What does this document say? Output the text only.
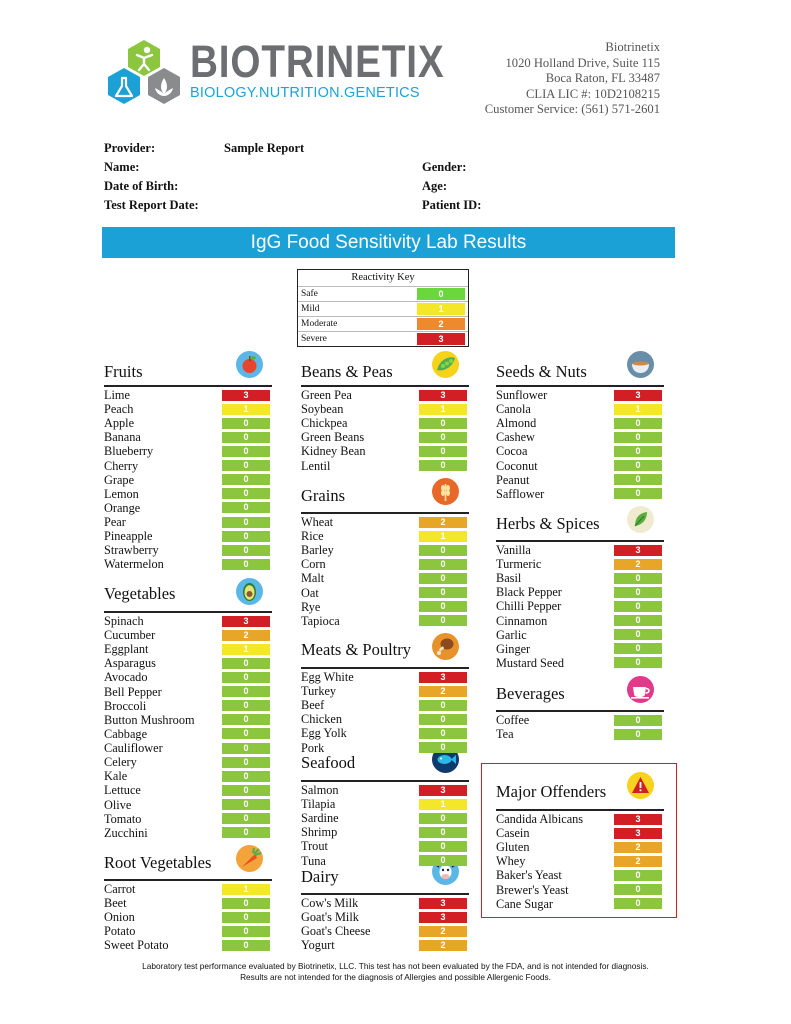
BIOTRINETIX
BIOLOGY.NUTRITION.GENETICS
Biotrinetix
1020 Holland Drive, Suite 115
Boca Raton, FL 33487
CLIA LIC #: 10D2108215
Customer Service: (561) 571-2601
Provider:	Sample Report
Name:
Date of Birth:
Test Report Date:
Gender:
Age:
Patient ID:
IgG Food Sensitivity Lab Results
Reactivity Key
Safe	0
Mild	1
Moderate	2
Severe	3
Fruits
Lime	3
Peach	1
Apple	0
Banana	0
Blueberry	0
Cherry	0
Grape	0
Lemon	0
Orange	0
Pear	0
Pineapple	0
Strawberry	0
Watermelon	0
Vegetables
Spinach	3
Cucumber	2
Eggplant	1
Asparagus	0
Avocado	0
Bell Pepper	0
Broccoli	0
Button Mushroom	0
Cabbage	0
Cauliflower	0
Celery	0
Kale	0
Lettuce	0
Olive	0
Tomato	0
Zucchini	0
Root Vegetables
Carrot	1
Beet	0
Onion	0
Potato	0
Sweet Potato	0
Beans & Peas
Green Pea	3
Soybean	1
Chickpea	0
Green Beans	0
Kidney Bean	0
Lentil	0
Grains
Wheat	2
Rice	1
Barley	0
Corn	0
Malt	0
Oat	0
Rye	0
Tapioca	0
Meats & Poultry
Egg White	3
Turkey	2
Beef	0
Chicken	0
Egg Yolk	0
Pork	0
Seafood
Salmon	3
Tilapia	1
Sardine	0
Shrimp	0
Trout	0
Tuna	0
Dairy
Cow's Milk	3
Goat's Milk	3
Goat's Cheese	2
Yogurt	2
Seeds & Nuts
Sunflower	3
Canola	1
Almond	0
Cashew	0
Cocoa	0
Coconut	0
Peanut	0
Safflower	0
Herbs & Spices
Vanilla	3
Turmeric	2
Basil	0
Black Pepper	0
Chilli Pepper	0
Cinnamon	0
Garlic	0
Ginger	0
Mustard Seed	0
Beverages
Coffee	0
Tea	0
Major Offenders
Candida Albicans	3
Casein	3
Gluten	2
Whey	2
Baker's Yeast	0
Brewer's Yeast	0
Cane Sugar	0
Laboratory test performance evaluated by Biotrinetix, LLC. This test has not been evaluated by the FDA, and is not intended for diagnosis.
Results are not intended for the diagnosis of Allergies and possible Allergenic Foods.
